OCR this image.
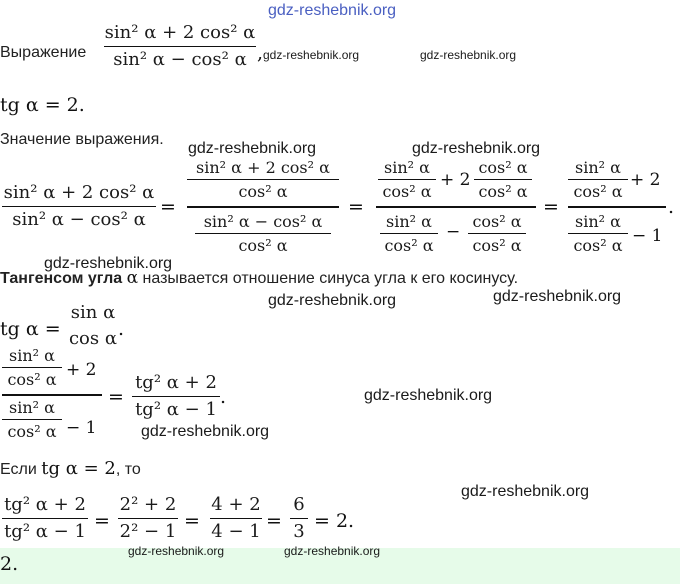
gdz-reshebnik.org
Выражение
sin² α + 2 cos² α
sin² α − cos² α , gdz-reshebnik.org	gdz-reshebnik.org
tg α = 2.
Значение выражения.
gdz-reshebnik.org	gdz-reshebnik.org
sin² α + 2 cos² α
sin² α − cos² α
=
sin² α + 2 cos² α
cos² α
sin² α − cos² α
cos² α
=
sin² α
cos² α
+ 2
cos² α
cos² α
sin² α
cos² α
−
cos² α
cos² α
=
sin² α
cos² α
+ 2
sin² α
cos² α − 1
.
gdz-reshebnik.org
Тангенсом угла α называется отношение синуса угла к его косинусу.
gdz-reshebnik.org	gdz-reshebnik.org
tg α =
sin α
cos α .
sin² α
cos² α + 2
sin² α
cos² α − 1
=
tg² α + 2
tg² α − 1
.	gdz-reshebnik.org
gdz-reshebnik.org
Если tg α = 2, то
gdz-reshebnik.org
tg² α + 2
tg² α − 1 =
2² + 2
2² − 1 =
4 + 2
4 − 1 =
6
3 = 2.
gdz-reshebnik.org	gdz-reshebnik.org
2.
